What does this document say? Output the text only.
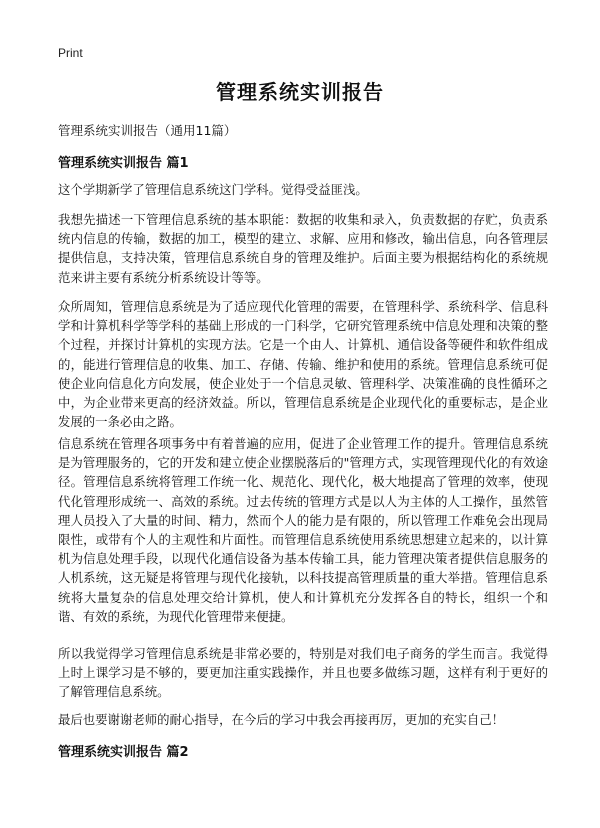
Print
管理系统实训报告
管理系统实训报告（通用11篇）
管理系统实训报告 篇1
这个学期新学了管理信息系统这门学科。觉得受益匪浅。
我想先描述一下管理信息系统的基本职能：数据的收集和录入，负责数据的存贮，负责系统内信息的传输，数据的加工，模型的建立、求解、应用和修改，输出信息，向各管理层提供信息，支持决策，管理信息系统自身的管理及维护。后面主要为根据结构化的系统规范来讲主要有系统分析系统设计等等。
众所周知，管理信息系统是为了适应现代化管理的需要，在管理科学、系统科学、信息科学和计算机科学等学科的基础上形成的一门科学，它研究管理系统中信息处理和决策的整个过程，并探讨计算机的实现方法。它是一个由人、计算机、通信设备等硬件和软件组成的，能进行管理信息的收集、加工、存储、传输、维护和使用的系统。管理信息系统可促使企业向信息化方向发展，使企业处于一个信息灵敏、管理科学、决策准确的良性循环之中，为企业带来更高的经济效益。所以，管理信息系统是企业现代化的重要标志，是企业发展的一条必由之路。
信息系统在管理各项事务中有着普遍的应用，促进了企业管理工作的提升。管理信息系统是为管理服务的，它的开发和建立使企业摆脱落后的"管理方式，实现管理现代化的有效途径。管理信息系统将管理工作统一化、规范化、现代化，极大地提高了管理的效率，使现代化管理形成统一、高效的系统。过去传统的管理方式是以人为主体的人工操作，虽然管理人员投入了大量的时间、精力，然而个人的能力是有限的，所以管理工作难免会出现局限性，或带有个人的主观性和片面性。而管理信息系统使用系统思想建立起来的，以计算机为信息处理手段，以现代化通信设备为基本传输工具，能力管理决策者提供信息服务的人机系统，这无疑是将管理与现代化接轨，以科技提高管理质量的重大举措。管理信息系统将大量复杂的信息处理交给计算机，使人和计算机充分发挥各自的特长，组织一个和谐、有效的系统，为现代化管理带来便捷。
所以我觉得学习管理信息系统是非常必要的，特别是对我们电子商务的学生而言。我觉得上时上课学习是不够的，要更加注重实践操作，并且也要多做练习题，这样有利于更好的了解管理信息系统。
最后也要谢谢老师的耐心指导，在今后的学习中我会再接再厉，更加的充实自己！
管理系统实训报告 篇2
